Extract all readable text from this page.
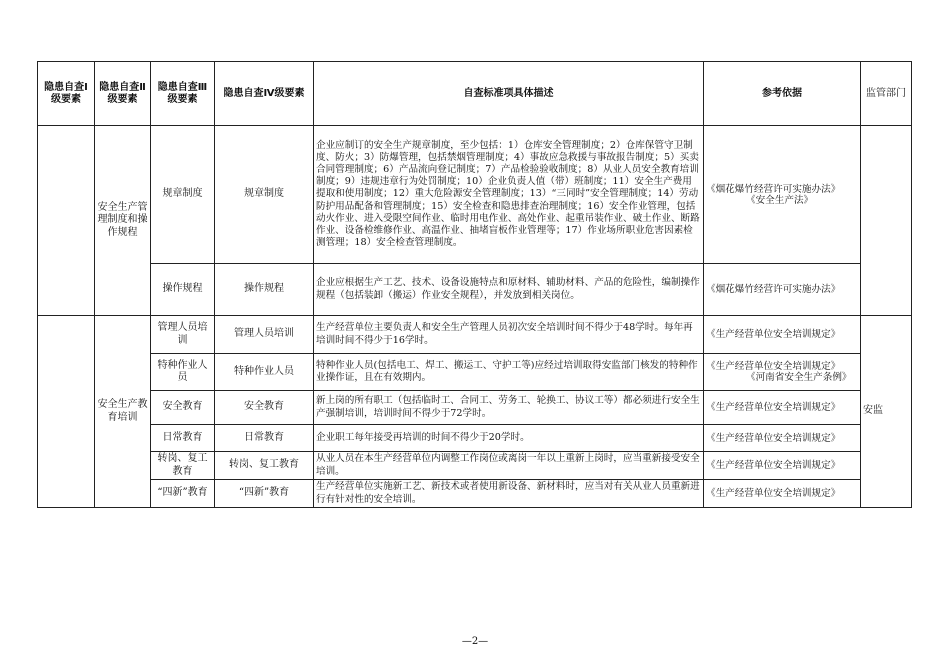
隐患自查Ⅰ级要素	隐患自查Ⅱ级要素	隐患自查Ⅲ级要素	隐患自查Ⅳ级要素	自查标准项具体描述	参考依据	监管部门
	安全生产管理制度和操作规程	规章制度	规章制度	企业应制订的安全生产规章制度，至少包括：1）仓库安全管理制度；2）仓库保管守卫制度、防火；3）防爆管理，包括禁烟管理制度；4）事故应急救援与事故报告制度；5）买卖合同管理制度；6）产品流向登记制度；7）产品检验验收制度；8）从业人员安全教育培训制度；9）违规违章行为处罚制度；10）企业负责人值（带）班制度；11）安全生产费用提取和使用制度；12）重大危险源安全管理制度；13）“三同时”安全管理制度；14）劳动防护用品配备和管理制度；15）安全检查和隐患排查治理制度；16）安全作业管理，包括动火作业、进入受限空间作业、临时用电作业、高处作业、起重吊装作业、破土作业、断路作业、设备检维修作业、高温作业、抽堵盲板作业管理等；17）作业场所职业危害因素检测管理；18）安全检查管理制度。	《烟花爆竹经营许可实施办法》
《安全生产法》	

		操作规程	操作规程	企业应根据生产工艺、技术、设备设施特点和原材料、辅助材料、产品的危险性，编制操作规程（包括装卸（搬运）作业安全规程），并发放到相关岗位。	《烟花爆竹经营许可实施办法》	

	安全生产教育培训	管理人员培训	管理人员培训	生产经营单位主要负责人和安全生产管理人员初次安全培训时间不得少于48学时。每年再培训时间不得少于16学时。	《生产经营单位安全培训规定》	安监
		特种作业人员	特种作业人员	特种作业人员(包括电工、焊工、搬运工、守护工等)应经过培训取得安监部门核发的特种作业操作证，且在有效期内。	《生产经营单位安全培训规定》
《河南省安全生产条例》	

		安全教育	安全教育	新上岗的所有职工（包括临时工、合同工、劳务工、轮换工、协议工等）都必须进行安全生产强制培训，培训时间不得少于72学时。	《生产经营单位安全培训规定》	

		日常教育	日常教育	企业职工每年接受再培训的时间不得少于20学时。	《生产经营单位安全培训规定》	

		转岗、复工教育	转岗、复工教育	从业人员在本生产经营单位内调整工作岗位或离岗一年以上重新上岗时，应当重新接受安全培训。	《生产经营单位安全培训规定》	

		“四新”教育	“四新”教育	生产经营单位实施新工艺、新技术或者使用新设备、新材料时，应当对有关从业人员重新进行有针对性的安全培训。	《生产经营单位安全培训规定》	
—2—
